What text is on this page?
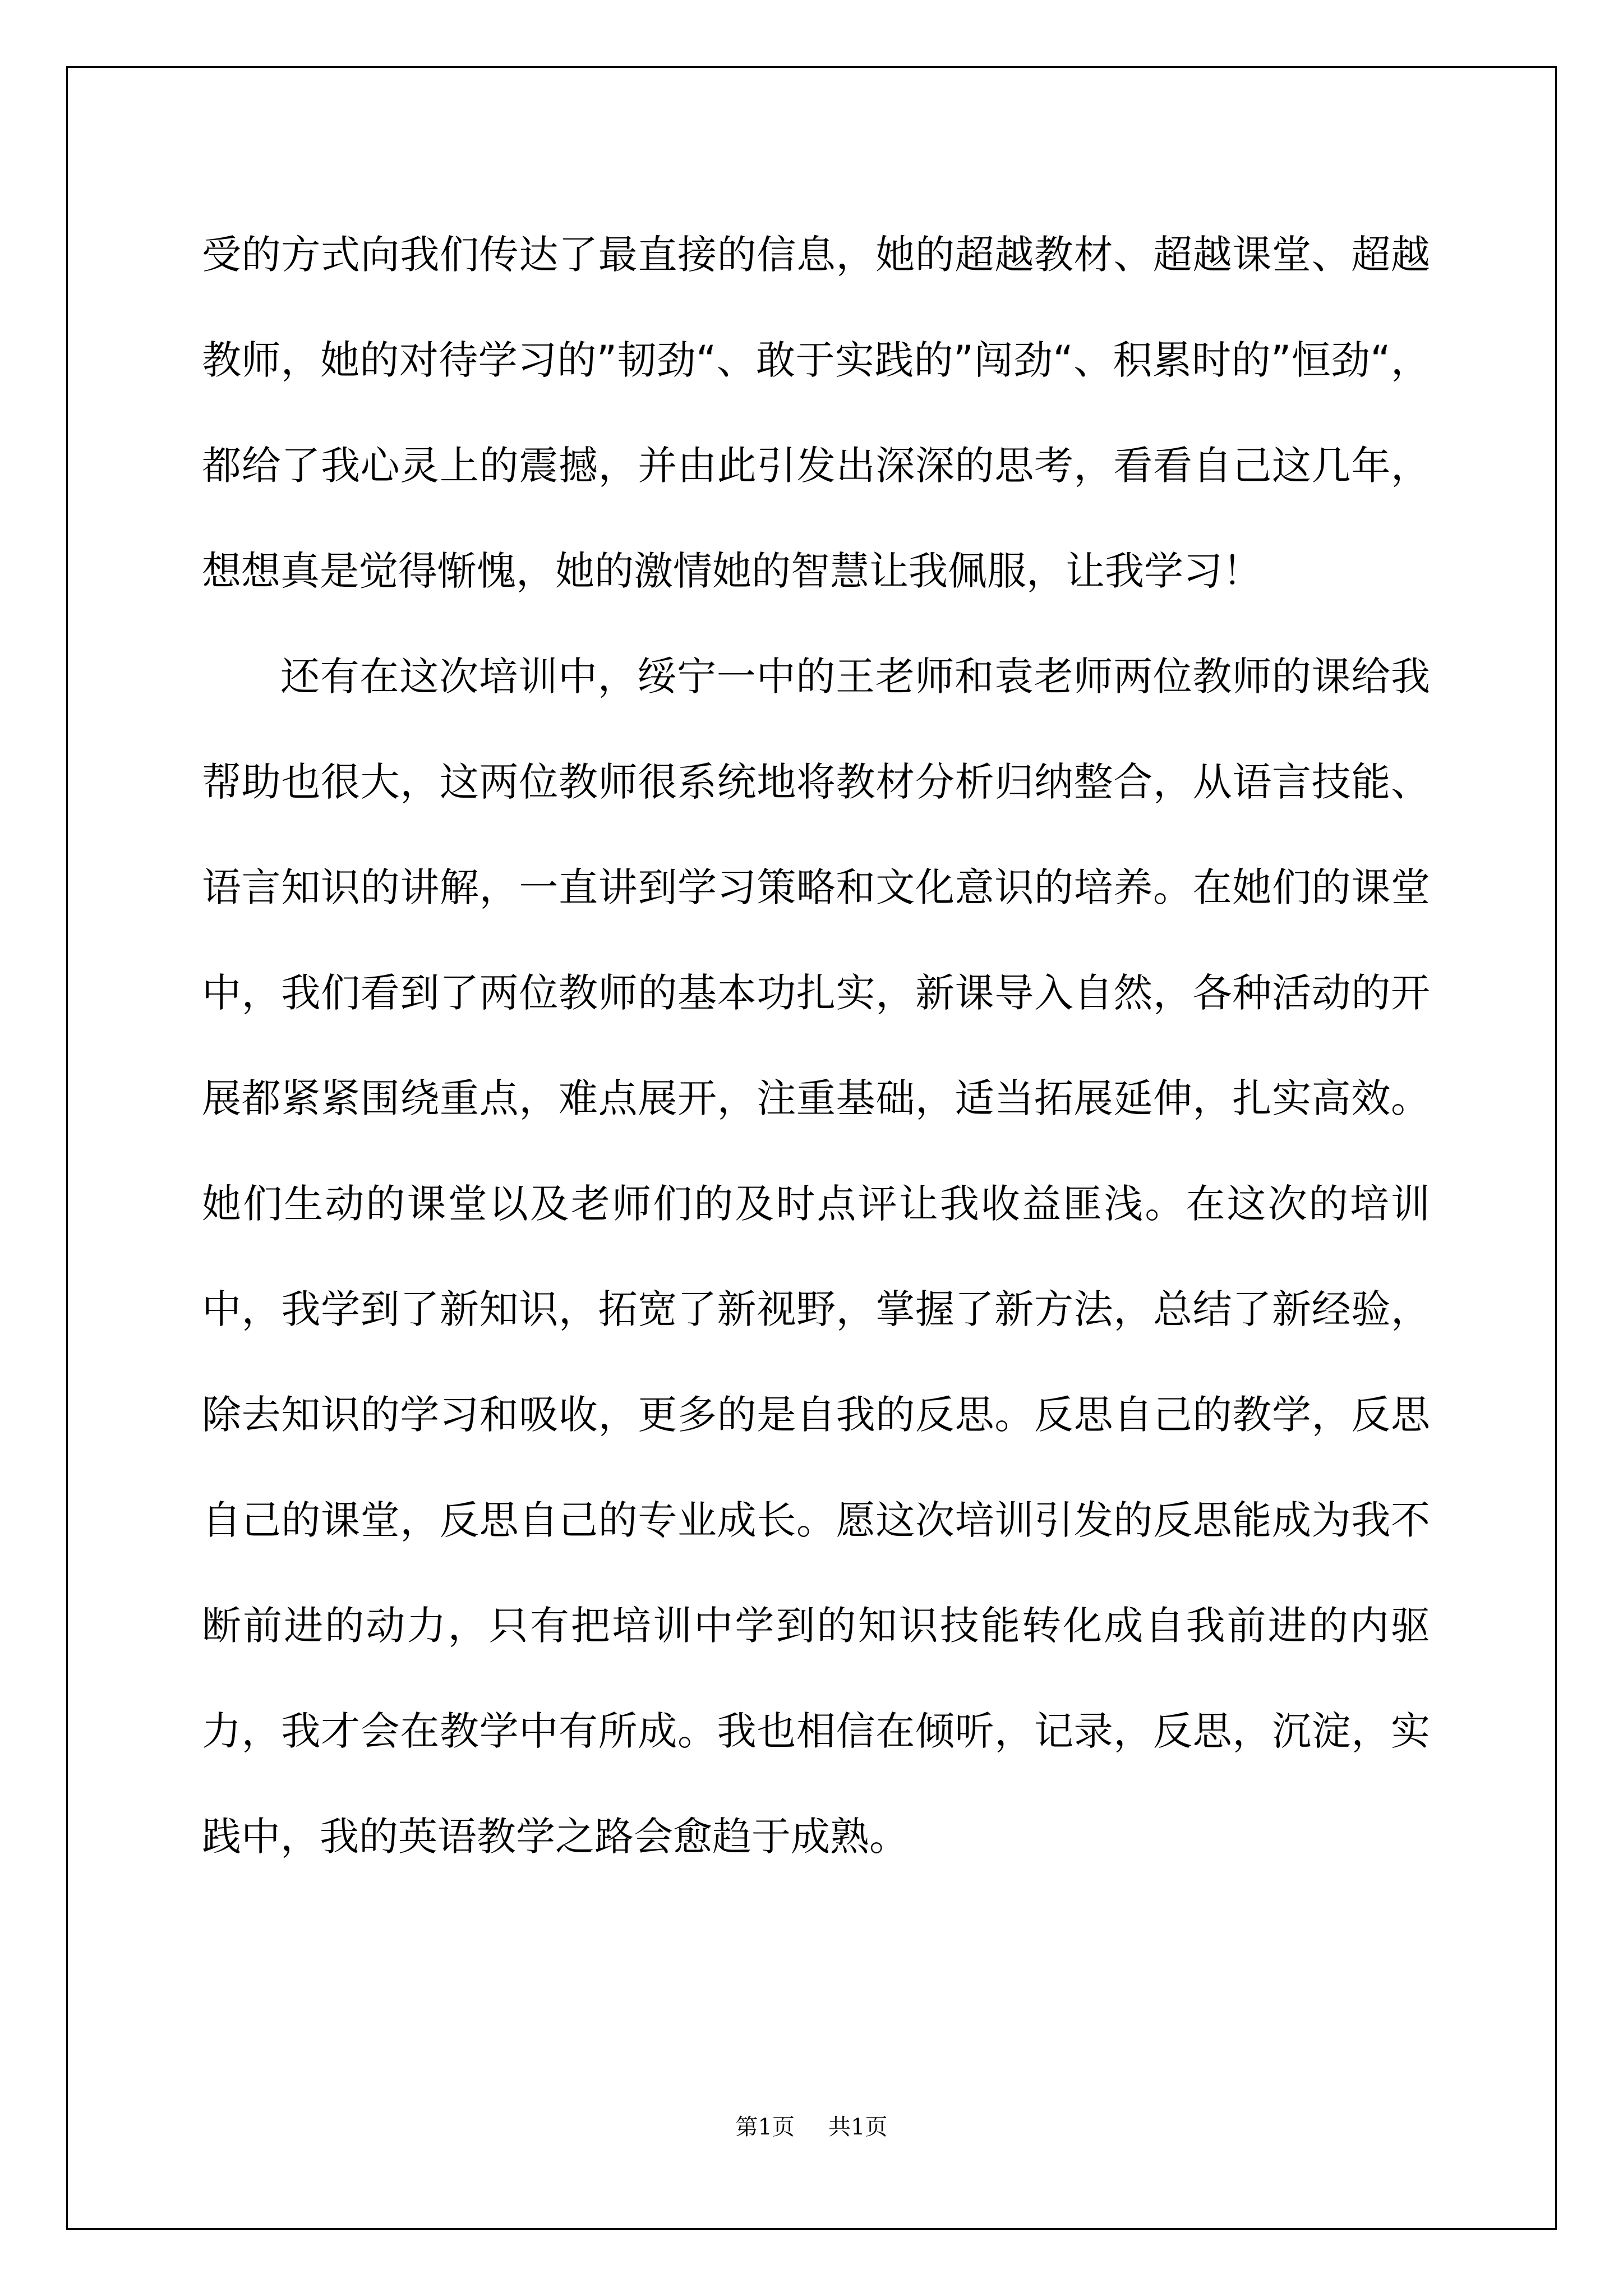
受的方式向我们传达了最直接的信息，她的超越教材、超越课堂、超越教师，她的对待学习的”韧劲“、敢于实践的”闯劲“、积累时的”恒劲“，都给了我心灵上的震撼，并由此引发出深深的思考，看看自己这几年，想想真是觉得惭愧，她的激情她的智慧让我佩服，让我学习！

还有在这次培训中，绥宁一中的王老师和袁老师两位教师的课给我帮助也很大，这两位教师很系统地将教材分析归纳整合，从语言技能、语言知识的讲解，一直讲到学习策略和文化意识的培养。在她们的课堂中，我们看到了两位教师的基本功扎实，新课导入自然，各种活动的开展都紧紧围绕重点，难点展开，注重基础，适当拓展延伸，扎实高效。她们生动的课堂以及老师们的及时点评让我收益匪浅。在这次的培训中，我学到了新知识，拓宽了新视野，掌握了新方法，总结了新经验，除去知识的学习和吸收，更多的是自我的反思。反思自己的教学，反思自己的课堂，反思自己的专业成长。愿这次培训引发的反思能成为我不断前进的动力，只有把培训中学到的知识技能转化成自我前进的内驱力，我才会在教学中有所成。我也相信在倾听，记录，反思，沉淀，实践中，我的英语教学之路会愈趋于成熟。

第1页 共1页
